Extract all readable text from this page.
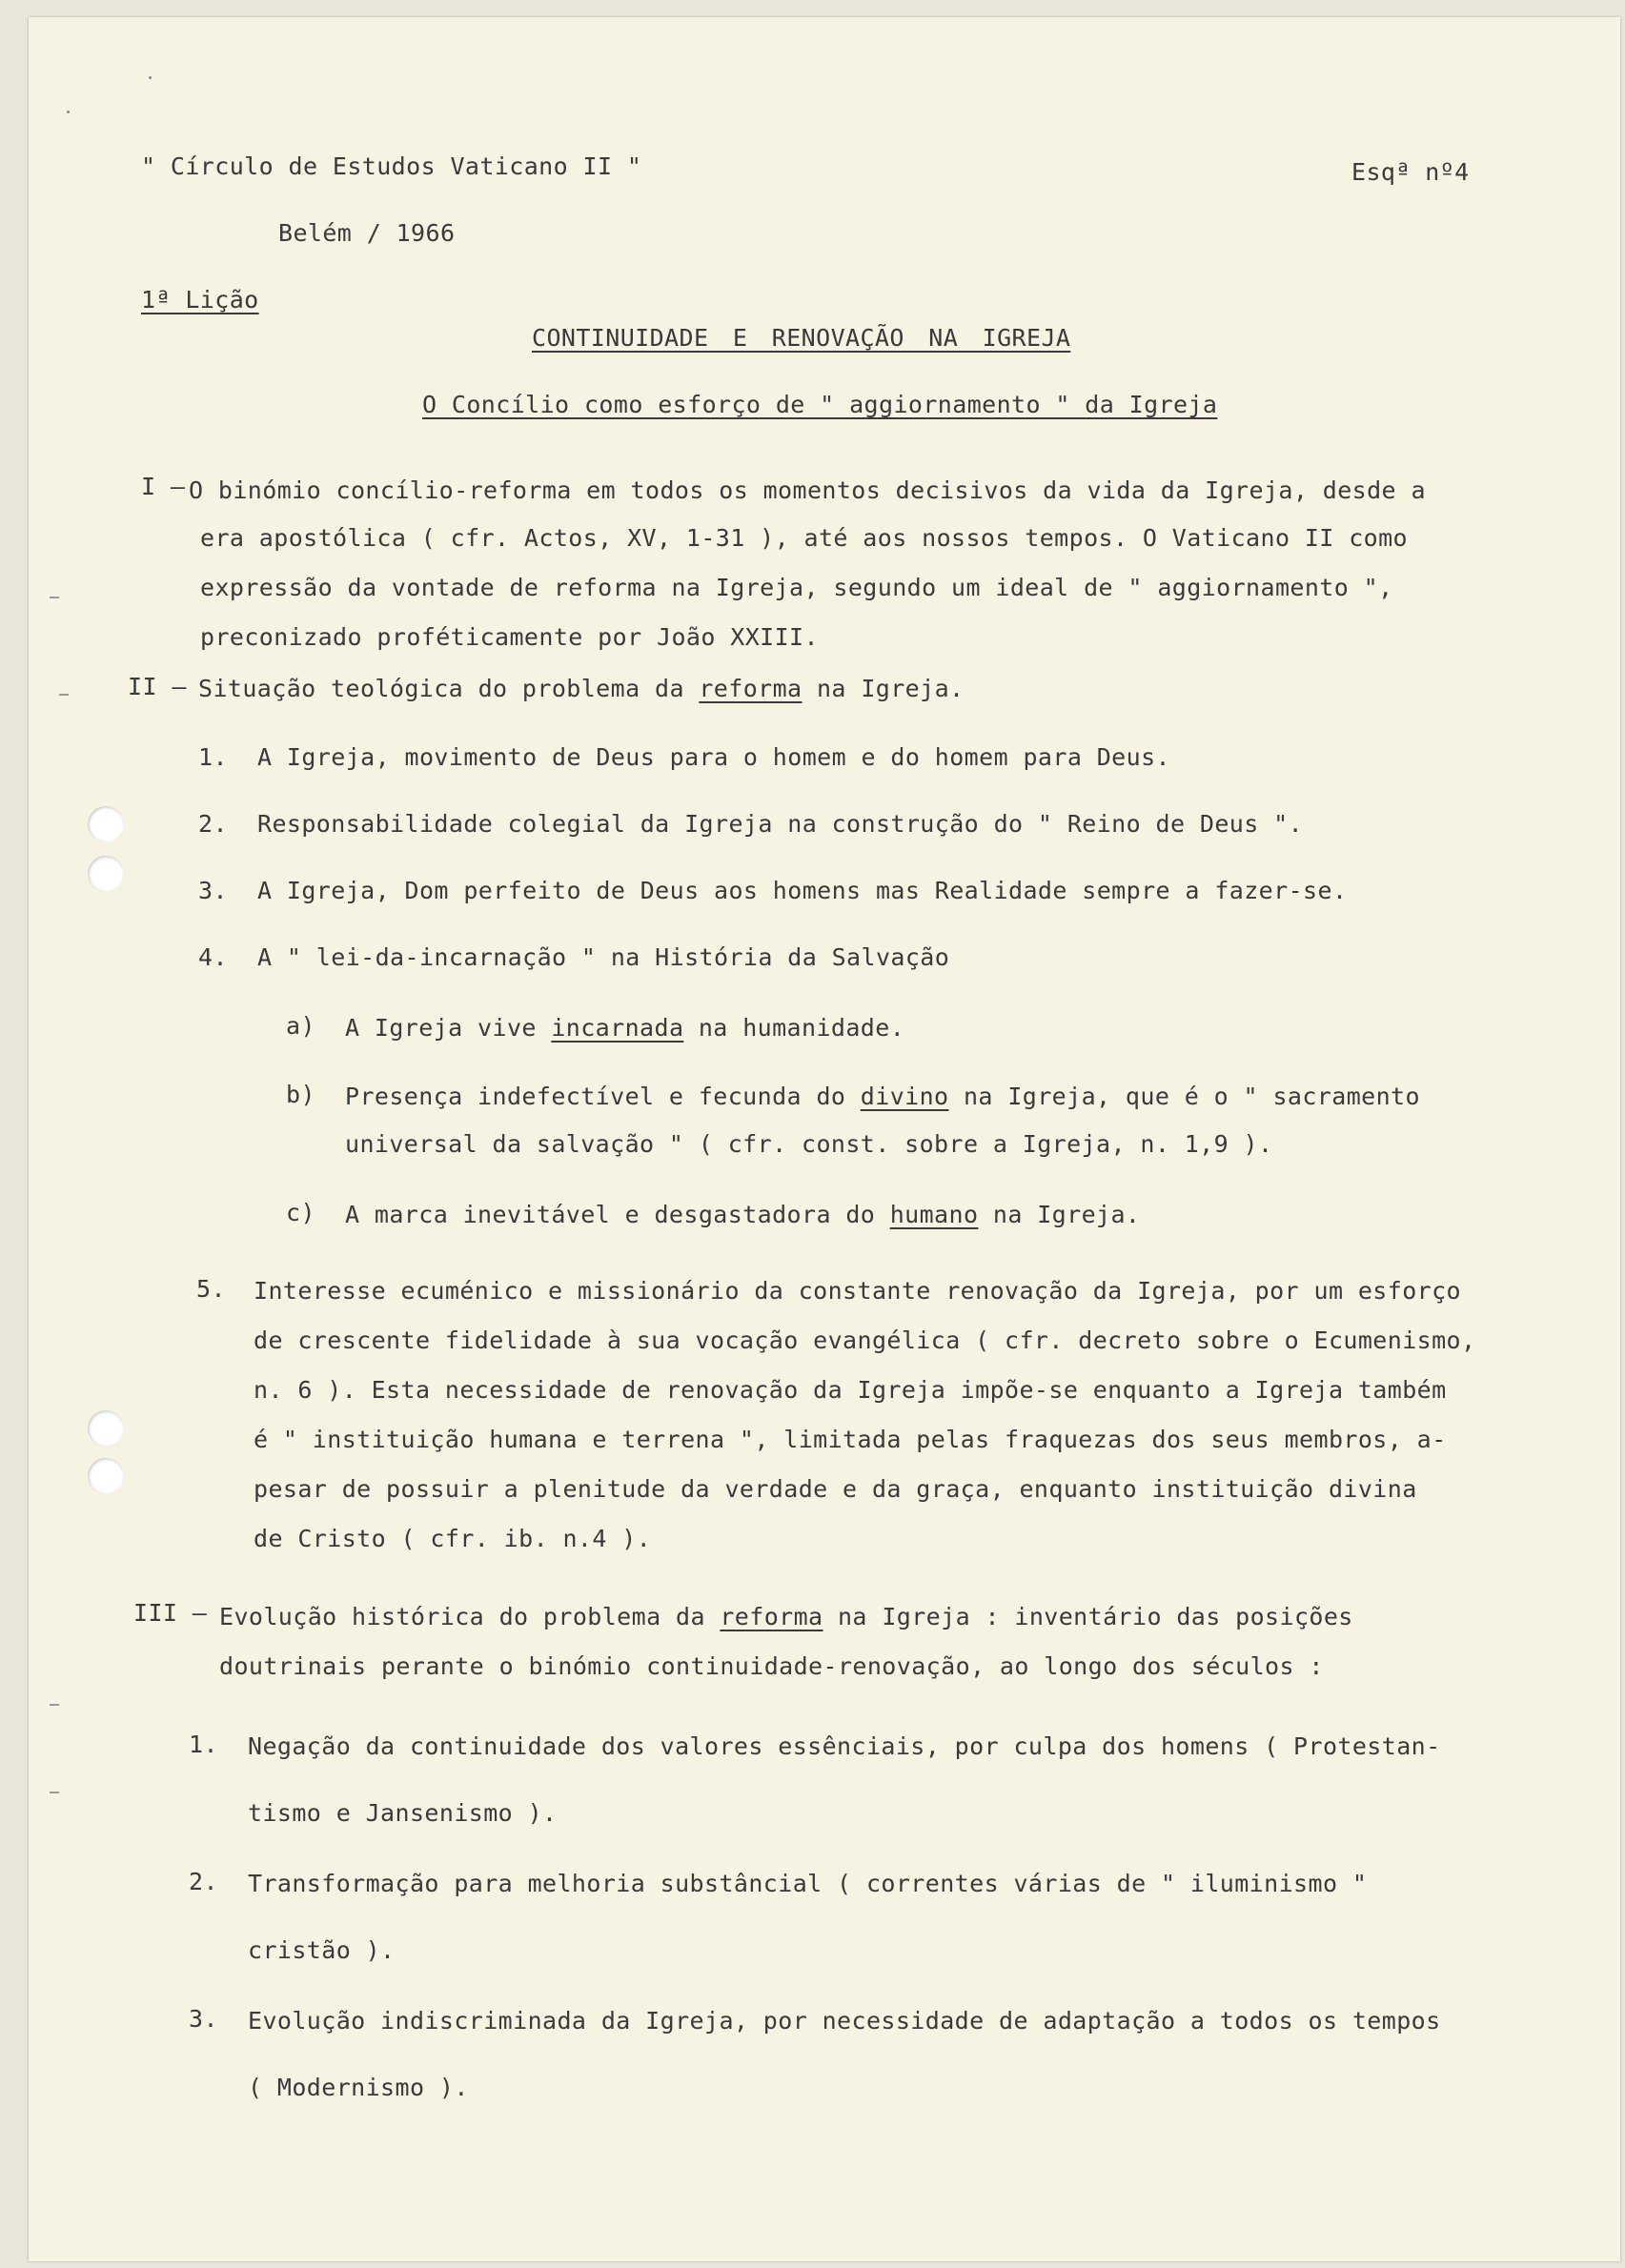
" Círculo de Estudos Vaticano II "	Esqª nº4
Belém / 1966
1ª Lição
CONTINUIDADE E RENOVAÇÃO NA IGREJA
O Concílio como esforço de " aggiornamento " da Igreja
I – O binómio concílio-reforma em todos os momentos decisivos da vida da Igreja, desde a
era apostólica ( cfr. Actos, XV, 1-31 ), até aos nossos tempos. O Vaticano II como
expressão da vontade de reforma na Igreja, segundo um ideal de " aggiornamento ",
preconizado proféticamente por João XXIII.
II – Situação teológica do problema da reforma na Igreja.
1. A Igreja, movimento de Deus para o homem e do homem para Deus.
2. Responsabilidade colegial da Igreja na construção do " Reino de Deus ".
3. A Igreja, Dom perfeito de Deus aos homens mas Realidade sempre a fazer-se.
4. A " lei-da-incarnação " na História da Salvação
a) A Igreja vive incarnada na humanidade.
b) Presença indefectível e fecunda do divino na Igreja, que é o " sacramento
universal da salvação " ( cfr. const. sobre a Igreja, n. 1,9 ).
c) A marca inevitável e desgastadora do humano na Igreja.
5. Interesse ecuménico e missionário da constante renovação da Igreja, por um esforço
de crescente fidelidade à sua vocação evangélica ( cfr. decreto sobre o Ecumenismo,
n. 6 ). Esta necessidade de renovação da Igreja impõe-se enquanto a Igreja também
é " instituição humana e terrena ", limitada pelas fraquezas dos seus membros, a-
pesar de possuir a plenitude da verdade e da graça, enquanto instituição divina
de Cristo ( cfr. ib. n.4 ).
III – Evolução histórica do problema da reforma na Igreja : inventário das posições
doutrinais perante o binómio continuidade-renovação, ao longo dos séculos :
1. Negação da continuidade dos valores essênciais, por culpa dos homens ( Protestan-
tismo e Jansenismo ).
2. Transformação para melhoria substâncial ( correntes várias de " iluminismo "
cristão ).
3. Evolução indiscriminada da Igreja, por necessidade de adaptação a todos os tempos
( Modernismo ).
